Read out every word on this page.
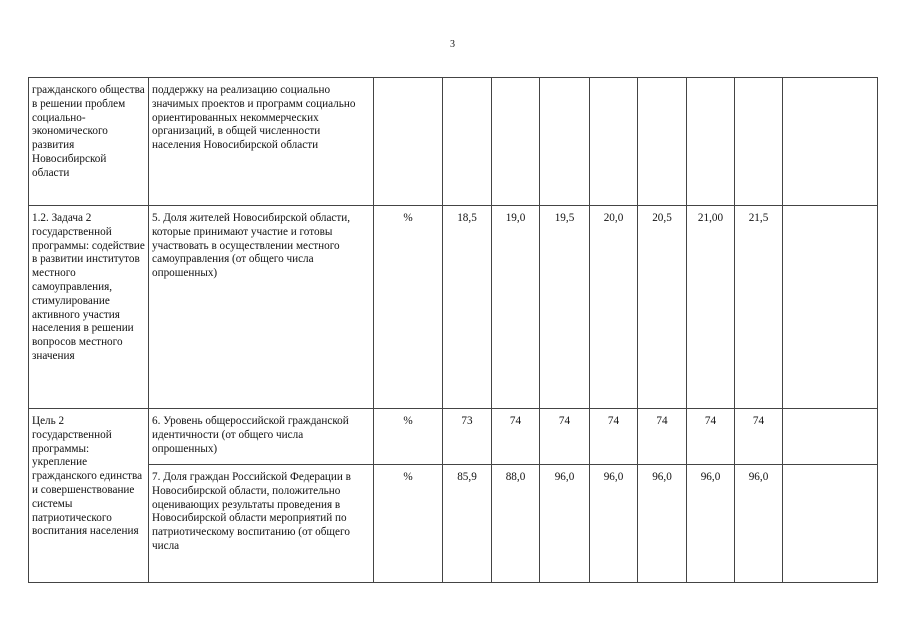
3
гражданского общества в решении проблем социально-экономического развития Новосибирской области	поддержку на реализацию социально значимых проектов и программ социально ориентированных некоммерческих организаций, в общей численности населения Новосибирской области									
1.2. Задача 2 государственной программы: содействие в развитии институтов местного самоуправления, стимулирование активного участия населения в решении вопросов местного значения	5. Доля жителей Новосибирской области, которые принимают участие и готовы участвовать в осуществлении местного самоуправления (от общего числа опрошенных)	%	18,5	19,0	19,5	20,0	20,5	21,00	21,5	
Цель 2 государственной программы: укрепление гражданского единства и совершенствование системы патриотического воспитания населения	6. Уровень общероссийской гражданской идентичности (от общего числа опрошенных)	%	73	74	74	74	74	74	74	
	7. Доля граждан Российской Федерации в Новосибирской области, положительно оценивающих результаты проведения в Новосибирской области мероприятий по патриотическому воспитанию (от общего числа	%	85,9	88,0	96,0	96,0	96,0	96,0	96,0	
